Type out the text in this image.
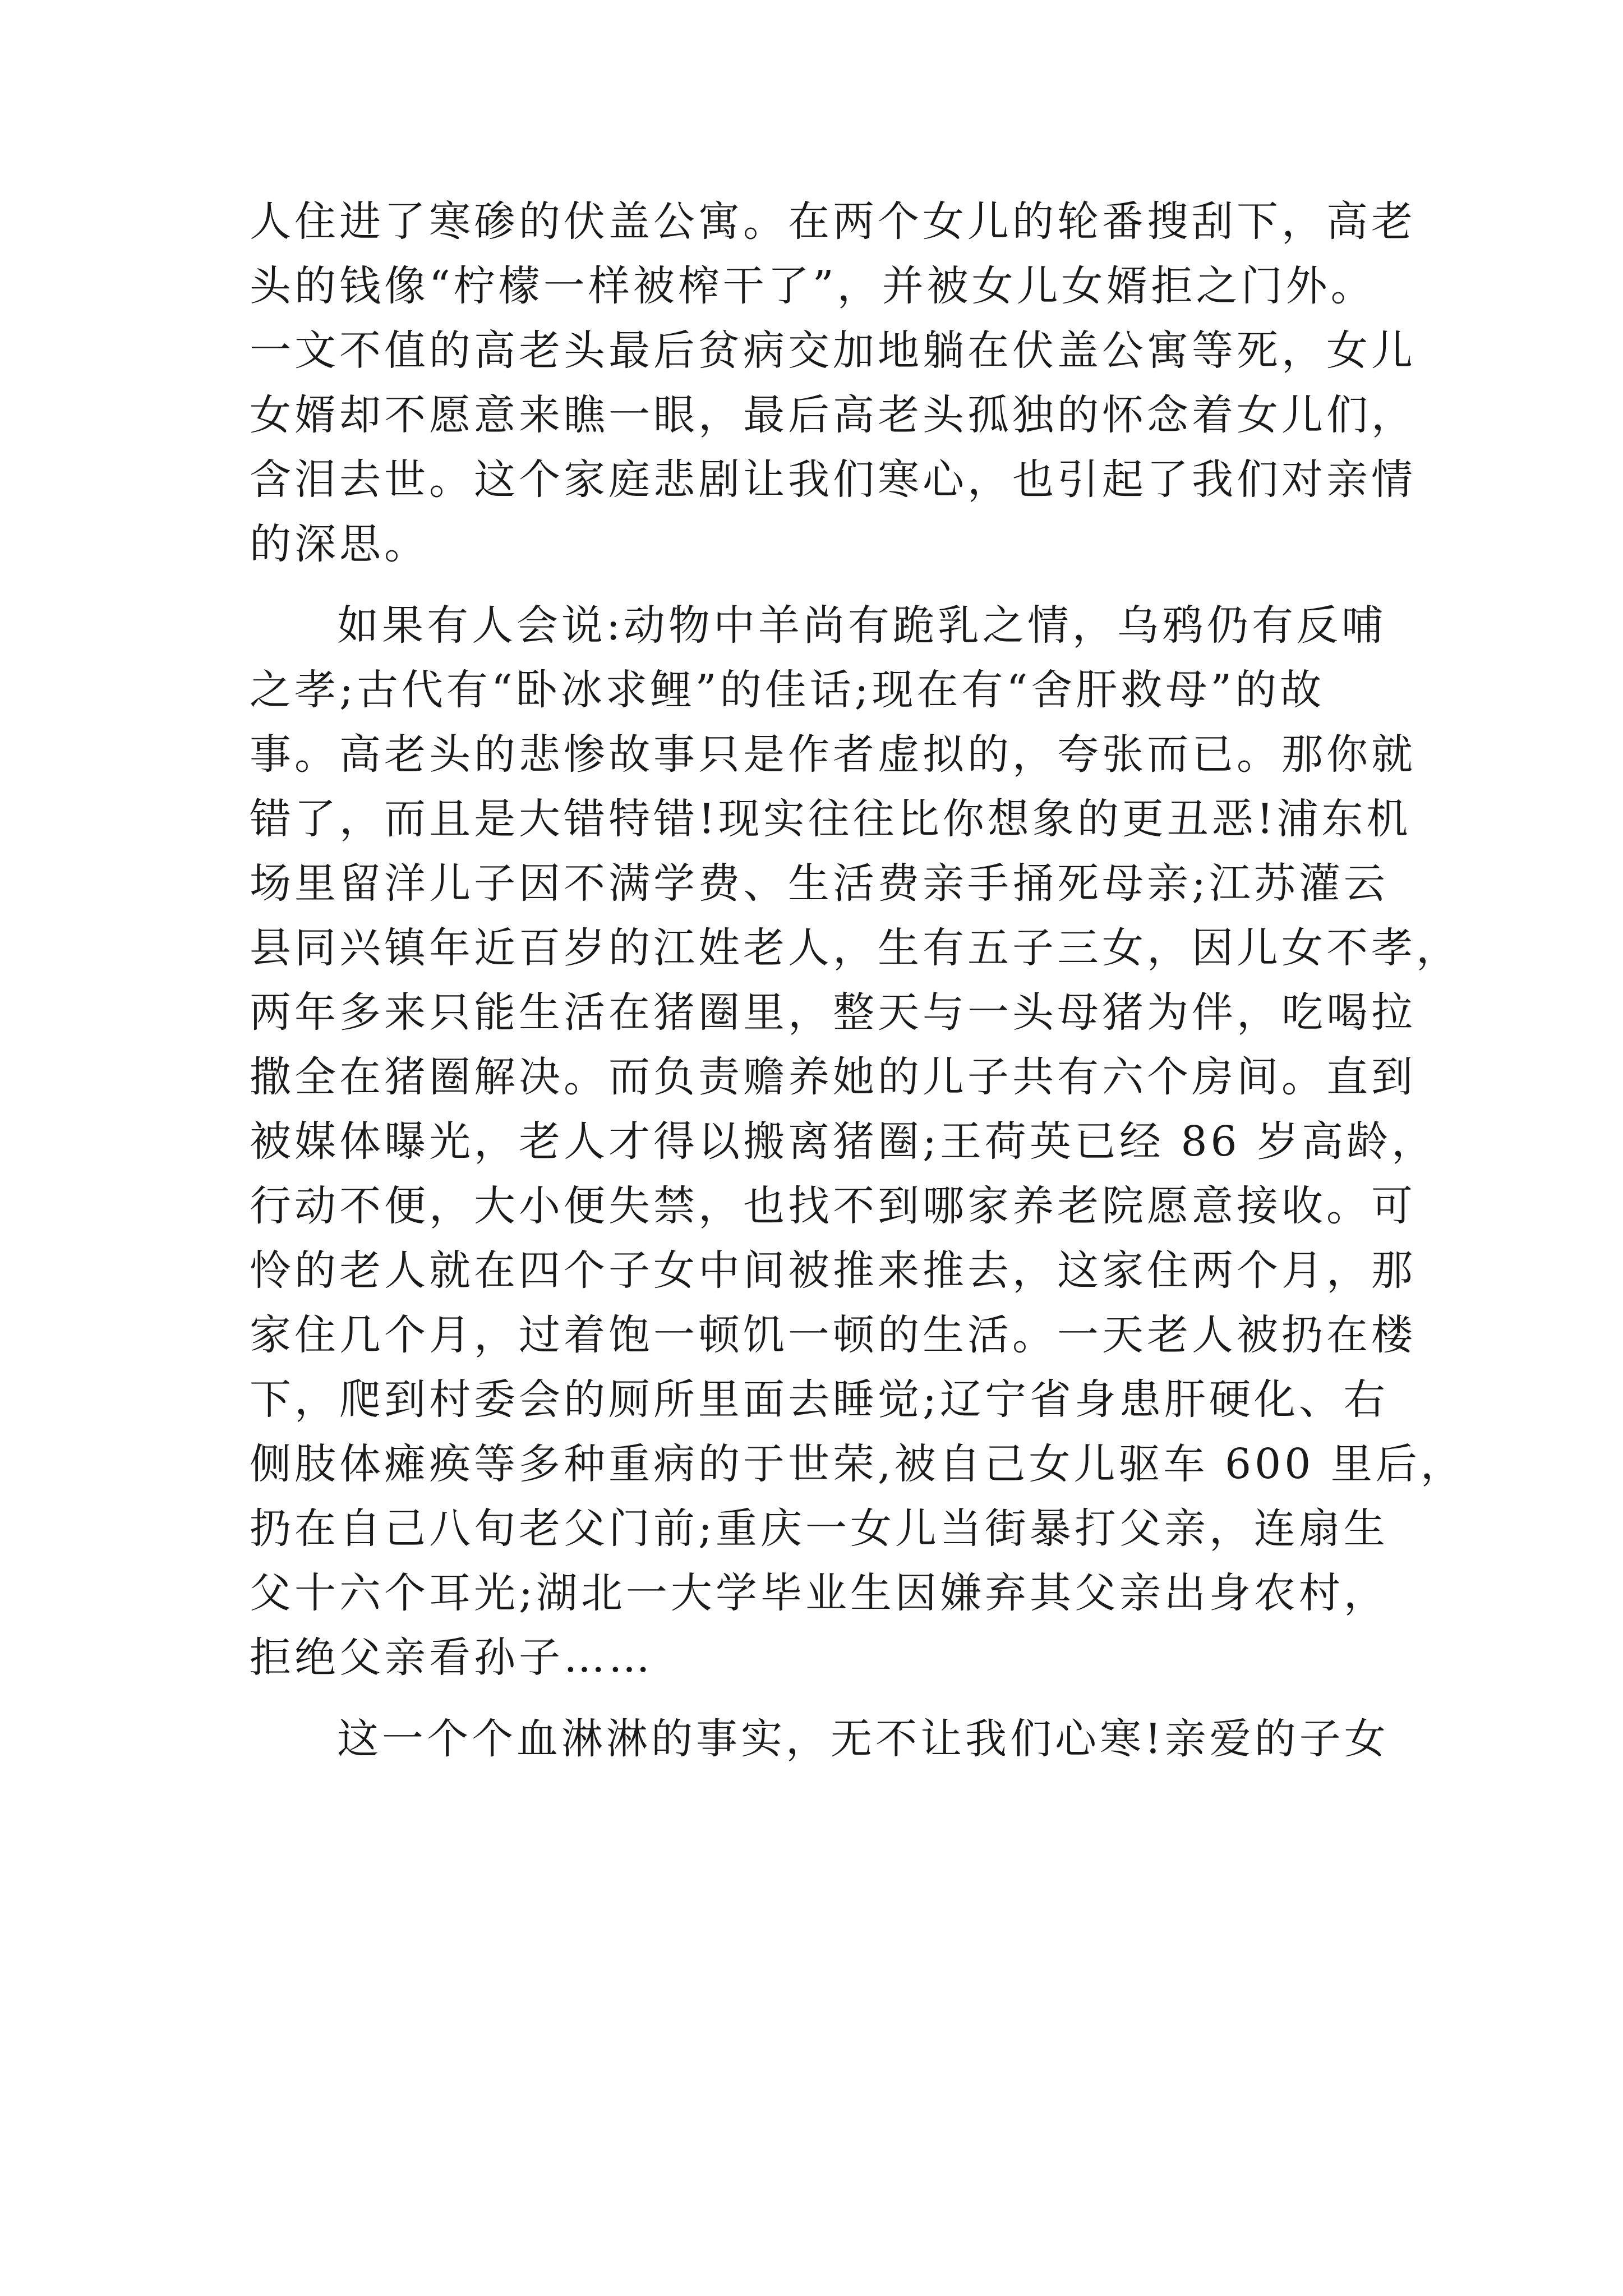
人住进了寒碜的伏盖公寓。在两个女儿的轮番搜刮下，高老
头的钱像“柠檬一样被榨干了”，并被女儿女婿拒之门外。
一文不值的高老头最后贫病交加地躺在伏盖公寓等死，女儿
女婿却不愿意来瞧一眼，最后高老头孤独的怀念着女儿们，
含泪去世。这个家庭悲剧让我们寒心，也引起了我们对亲情
的深思。
如果有人会说:动物中羊尚有跪乳之情，乌鸦仍有反哺
之孝;古代有“卧冰求鲤”的佳话;现在有“舍肝救母”的故
事。高老头的悲惨故事只是作者虚拟的，夸张而已。那你就
错了，而且是大错特错!现实往往比你想象的更丑恶!浦东机
场里留洋儿子因不满学费、生活费亲手捅死母亲;江苏灌云
县同兴镇年近百岁的江姓老人，生有五子三女，因儿女不孝，
两年多来只能生活在猪圈里，整天与一头母猪为伴，吃喝拉
撒全在猪圈解决。而负责赡养她的儿子共有六个房间。直到
被媒体曝光，老人才得以搬离猪圈;王荷英已经 86 岁高龄，
行动不便，大小便失禁，也找不到哪家养老院愿意接收。可
怜的老人就在四个子女中间被推来推去，这家住两个月，那
家住几个月，过着饱一顿饥一顿的生活。一天老人被扔在楼
下，爬到村委会的厕所里面去睡觉;辽宁省身患肝硬化、右
侧肢体瘫痪等多种重病的于世荣,被自己女儿驱车 600 里后，
扔在自己八旬老父门前;重庆一女儿当街暴打父亲，连扇生
父十六个耳光;湖北一大学毕业生因嫌弃其父亲出身农村，
拒绝父亲看孙子……
这一个个血淋淋的事实，无不让我们心寒!亲爱的子女
